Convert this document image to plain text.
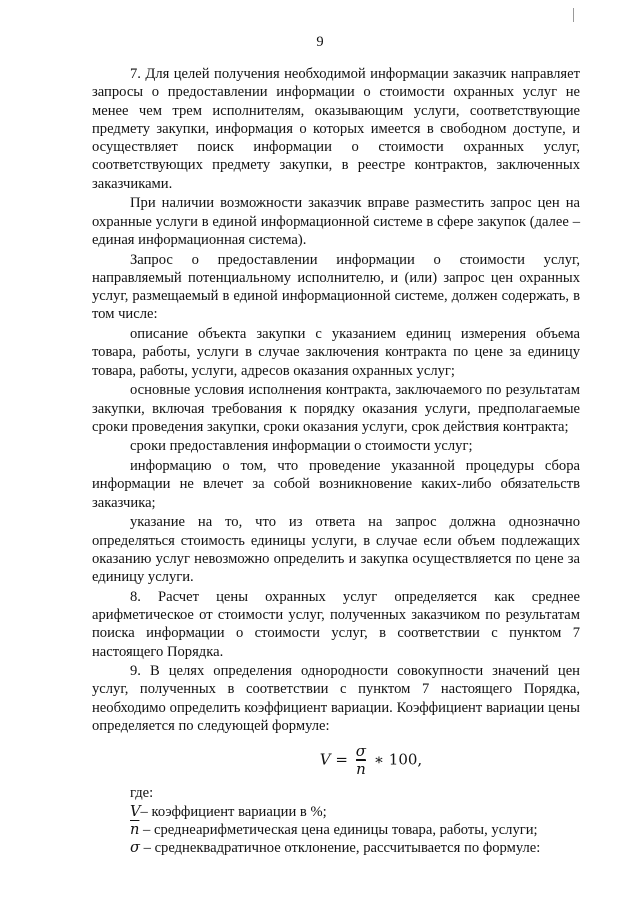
9

7. Для целей получения необходимой информации заказчик направляет запросы о предоставлении информации о стоимости охранных услуг не менее чем трем исполнителям, оказывающим услуги, соответствующие предмету закупки, информация о которых имеется в свободном доступе, и осуществляет поиск информации о стоимости охранных услуг, соответствующих предмету закупки, в реестре контрактов, заключенных заказчиками.

При наличии возможности заказчик вправе разместить запрос цен на охранные услуги в единой информационной системе в сфере закупок (далее – единая информационная система).

Запрос о предоставлении информации о стоимости услуг, направляемый потенциальному исполнителю, и (или) запрос цен охранных услуг, размещаемый в единой информационной системе, должен содержать, в том числе:

описание объекта закупки с указанием единиц измерения объема товара, работы, услуги в случае заключения контракта по цене за единицу товара, работы, услуги, адресов оказания охранных услуг;

основные условия исполнения контракта, заключаемого по результатам закупки, включая требования к порядку оказания услуги, предполагаемые сроки проведения закупки, сроки оказания услуги, срок действия контракта;

сроки предоставления информации о стоимости услуг;

информацию о том, что проведение указанной процедуры сбора информации не влечет за собой возникновение каких-либо обязательств заказчика;

указание на то, что из ответа на запрос должна однозначно определяться стоимость единицы услуги, в случае если объем подлежащих оказанию услуг невозможно определить и закупка осуществляется по цене за единицу услуги.

8. Расчет цены охранных услуг определяется как среднее арифметическое от стоимости услуг, полученных заказчиком по результатам поиска информации о стоимости услуг, в соответствии с пунктом 7 настоящего Порядка.

9. В целях определения однородности совокупности значений цен услуг, полученных в соответствии с пунктом 7 настоящего Порядка, необходимо определить коэффициент вариации. Коэффициент вариации цены определяется по следующей формуле:

$V = \frac{\sigma}{n}$ ∗ 100,

где:

V– коэффициент вариации в %;

$\overline{n}$ – среднеарифметическая цена единицы товара, работы, услуги;

σ – среднеквадратичное отклонение, рассчитывается по формуле:
